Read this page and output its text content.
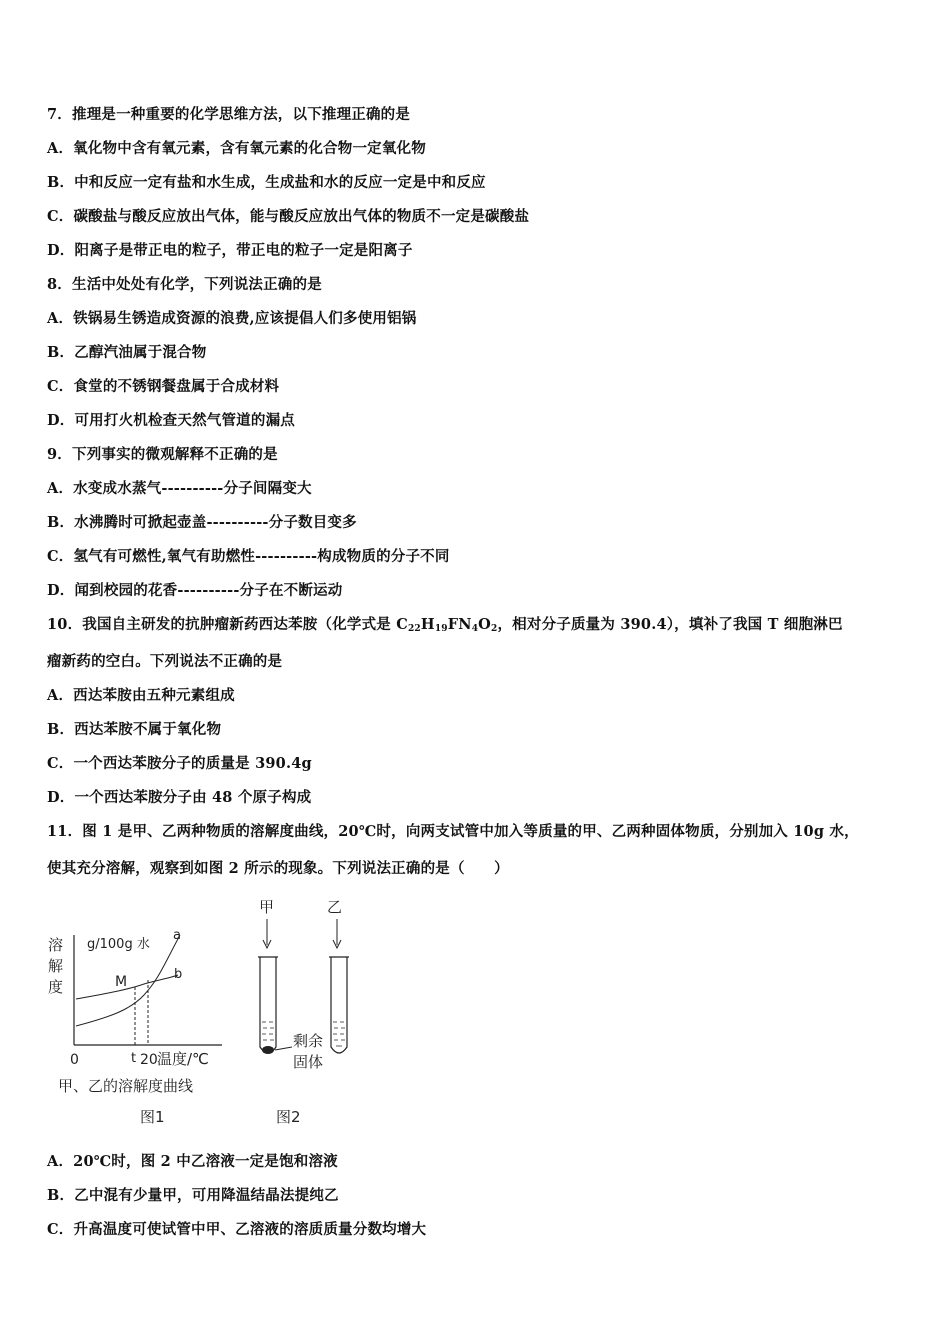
7．推理是一种重要的化学思维方法，以下推理正确的是
A．氧化物中含有氧元素，含有氧元素的化合物一定氧化物
B．中和反应一定有盐和水生成，生成盐和水的反应一定是中和反应
C．碳酸盐与酸反应放出气体，能与酸反应放出气体的物质不一定是碳酸盐
D．阳离子是带正电的粒子，带正电的粒子一定是阳离子
8．生活中处处有化学，下列说法正确的是
A．铁锅易生锈造成资源的浪费,应该提倡人们多使用铝锅
B．乙醇汽油属于混合物
C．食堂的不锈钢餐盘属于合成材料
D．可用打火机检查天然气管道的漏点
9．下列事实的微观解释不正确的是
A．水变成水蒸气----------分子间隔变大
B．水沸腾时可掀起壶盖----------分子数目变多
C．氢气有可燃性,氧气有助燃性----------构成物质的分子不同
D．闻到校园的花香----------分子在不断运动
10．我国自主研发的抗肿瘤新药西达苯胺（化学式是 $C_{22}H_{19}FN_4O_2$，相对分子质量为 390.4），填补了我国 T 细胞淋巴
瘤新药的空白。下列说法不正确的是
A．西达苯胺由五种元素组成
B．西达苯胺不属于氧化物
C．一个西达苯胺分子的质量是 390.4g
D．一个西达苯胺分子由 48 个原子构成
11．图 1 是甲、乙两种物质的溶解度曲线，20℃时，向两支试管中加入等质量的甲、乙两种固体物质，分别加入 10g 水，
使其充分溶解，观察到如图 2 所示的现象。下列说法正确的是（　　）
溶
解
度
g/100g 水
a
b
M
0	t 20 温度/℃
甲、乙的溶解度曲线
图1
甲	乙
剩余
固体
图2
A．20℃时，图 2 中乙溶液一定是饱和溶液
B．乙中混有少量甲，可用降温结晶法提纯乙
C．升高温度可使试管中甲、乙溶液的溶质质量分数均增大
